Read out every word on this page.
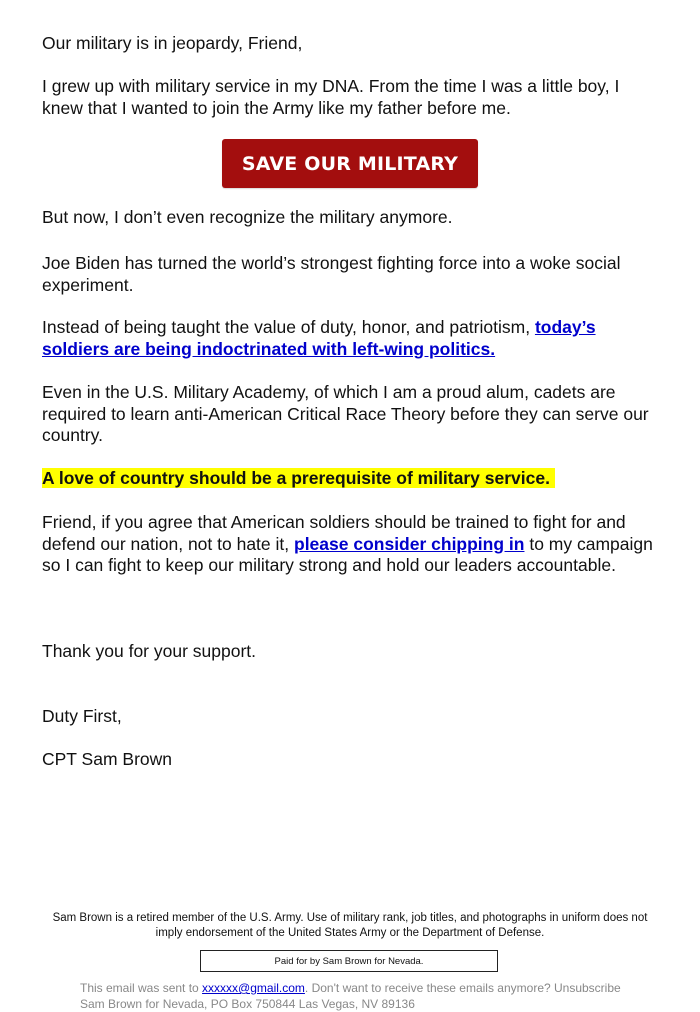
Our military is in jeopardy, Friend,

I grew up with military service in my DNA. From the time I was a little boy, I knew that I wanted to join the Army like my father before me.

But now, I don’t even recognize the military anymore.

Joe Biden has turned the world’s strongest fighting force into a woke social experiment.

Instead of being taught the value of duty, honor, and patriotism, today’s soldiers are being indoctrinated with left-wing politics.

Even in the U.S. Military Academy, of which I am a proud alum, cadets are required to learn anti-American Critical Race Theory before they can serve our country.

A love of country should be a prerequisite of military service.

Friend, if you agree that American soldiers should be trained to fight for and defend our nation, not to hate it, please consider chipping in to my campaign so I can fight to keep our military strong and hold our leaders accountable.

Thank you for your support.

Duty First,

CPT Sam Brown

SAVE OUR MILITARY
Sam Brown is a retired member of the U.S. Army. Use of military rank, job titles, and photographs in uniform does not imply endorsement of the United States Army or the Department of Defense.
Paid for by Sam Brown for Nevada.
This email was sent to xxxxxx@gmail.com. Don't want to receive these emails anymore? Unsubscribe
Sam Brown for Nevada, PO Box 750844 Las Vegas, NV 89136
